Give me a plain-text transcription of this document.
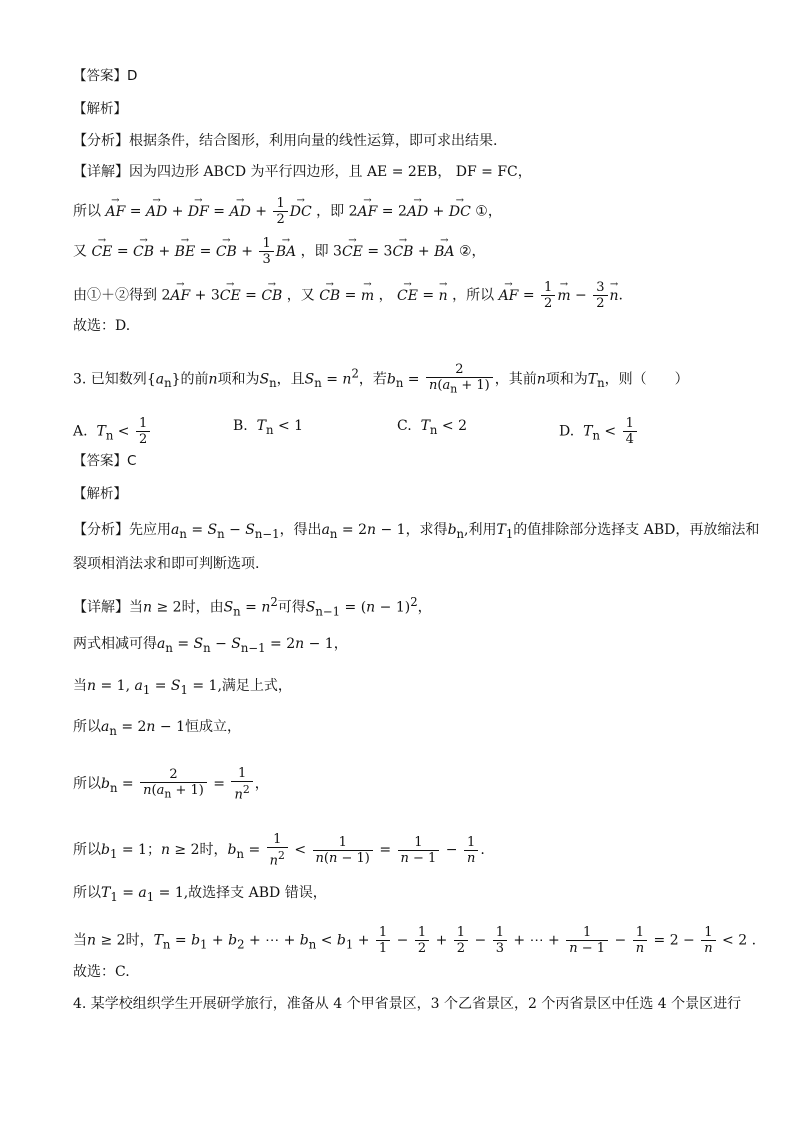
【答案】D
【解析】
【分析】根据条件，结合图形，利用向量的线性运算，即可求出结果.
【详解】因为四边形 ABCD 为平行四边形，且 AE = 2EB， DF = FC，
所以 → AF = → AD + → DF = → AD + $\frac{1}{2}$
→ DC ，即 2→ AF = 2→ AD + → DC ①，
又 → CE = → CB + → BE = → CB + $\frac{1}{3}$
→ BA ，即 3→ CE = 3→ CB + → BA ②，
由①＋②得到 2→ AF + 3→ CE = → CB ，又 → CB = → m ， → CE = → n ，所以 → AF = $\frac{1}{2}$
→ $m - \frac{3}{2}$
→ n.
故选：D.
3. 已知数列$\{a_n\}$的前n项和为$S_n$，且$S_n = n^2$，若$b_n = \frac{2}{n(a_n + 1)}$ ，其前n项和为$T_n$，则（　　）
A. $T_n < \frac{1}{2}$	B. $T_n < 1$	C. $T_n < 2$	D. $T_n < \frac{1}{4}$
【答案】C
【解析】
【分析】先应用$a_n = S_n - S_{n-1}$，得出$a_n = 2n - 1$，求得$b_n$,利用$T_1$的值排除部分选择支 ABD，再放缩法和
裂项相消法求和即可判断选项.
【详解】当n ≥ 2时，由$S_n = n^2$可得$S_{n-1} = (n - 1)^2$，
两式相减可得$a_n = S_n - S_{n-1} = 2n - 1$，
当n = 1, $a_1 = S_1 = 1$,满足上式，
所以$a_n = 2n - 1$恒成立，
所以$b_n = \frac{2}{n(a_n + 1)} = \frac{1}{n^2}$ ，
所以$b_1 = 1$；n ≥ 2时，$b_n = \frac{1}{n^2} < \frac{1}{n(n - 1)} = \frac{1}{n - 1} - \frac{1}{n}$ .
所以$T_1 = a_1 = 1$,故选择支 ABD 错误，
当n ≥ 2时，$T_n = b_1 + b_2$ + ⋯ + $b_n < b_1 + \frac{1}{1} - \frac{1}{2} + \frac{1}{2} - \frac{1}{3}$ + ⋯ + $\frac{1}{n - 1} - \frac{1}{n} = 2 - \frac{1}{n} < 2$ .
故选：C.
4. 某学校组织学生开展研学旅行，准备从 4 个甲省景区，3 个乙省景区，2 个丙省景区中任选 4 个景区进行
